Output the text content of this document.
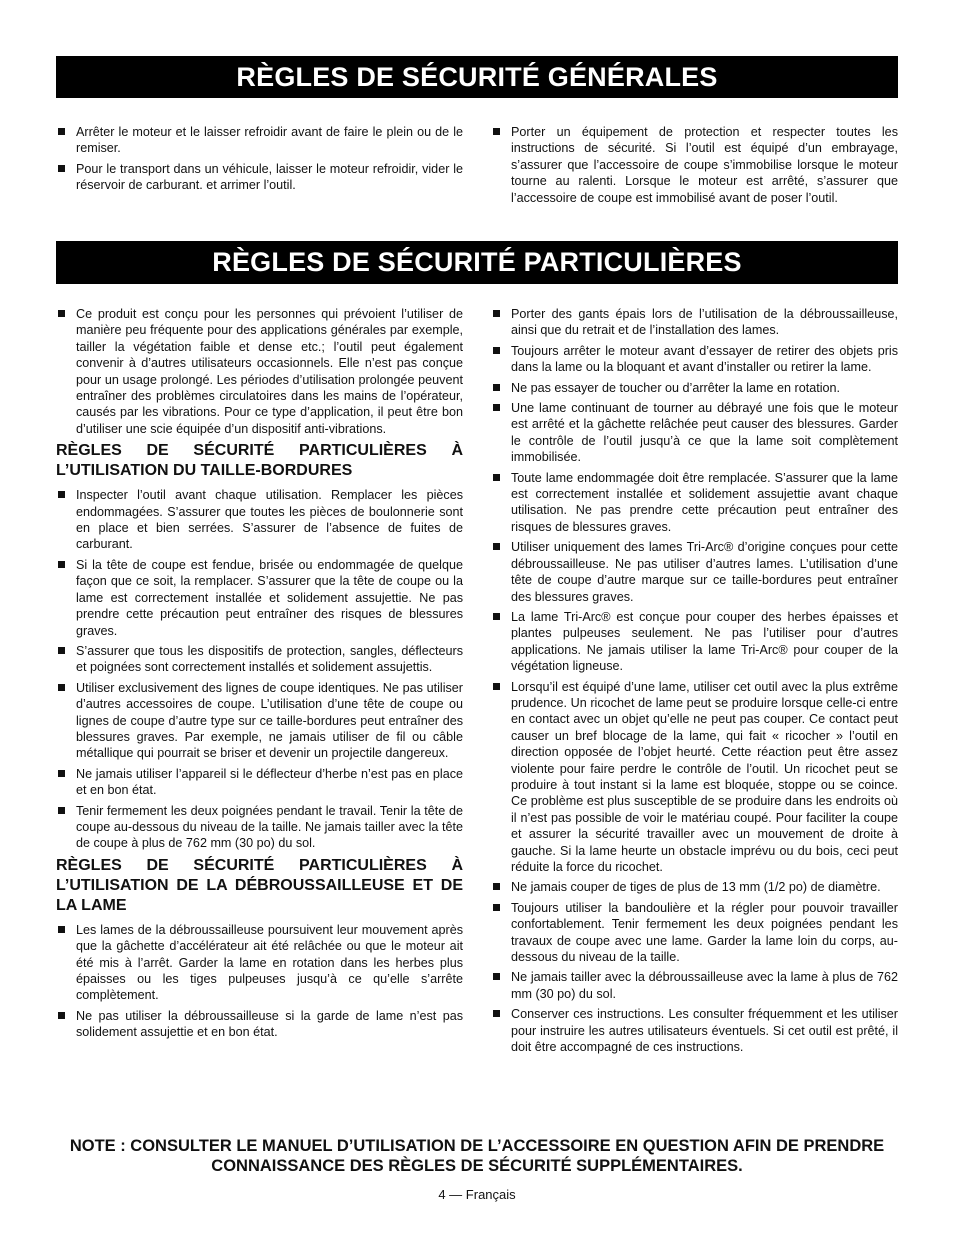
RÈGLES DE SÉCURITÉ GÉNÉRALES
Arrêter le moteur et le laisser refroidir avant de faire le plein ou de le remiser.
Pour le transport dans un véhicule, laisser le moteur refroidir, vider le réservoir de carburant. et arrimer l’outil.
Porter un équipement de protection et respecter toutes les instructions de sécurité. Si l’outil est équipé d’un embrayage, s’assurer que l’accessoire de coupe s’immobilise lorsque le moteur tourne au ralenti. Lorsque le moteur est arrêté, s’assurer que l’accessoire de coupe est immobilisé avant de poser l’outil.
RÈGLES DE SÉCURITÉ PARTICULIÈRES
Ce produit est conçu pour les personnes qui prévoient l’utiliser de manière peu fréquente pour des applications générales par exemple, tailler la végétation faible et dense etc.; l’outil peut également convenir à d’autres utilisateurs occasionnels. Elle n’est pas conçue pour un usage prolongé. Les périodes d’utilisation prolongée peuvent entraîner des problèmes circulatoires dans les mains de l’opérateur, causés par les vibrations. Pour ce type d’application, il peut être bon d’utiliser une scie équipée d’un dispositif anti-vibrations.
RÈGLES DE SÉCURITÉ PARTICULIÈRES À L’UTILISATION DU TAILLE-BORDURES
Inspecter l’outil avant chaque utilisation. Remplacer les pièces endommagées. S’assurer que toutes les pièces de boulonnerie sont en place et bien serrées. S’assurer de l’absence de fuites de carburant.
Si la tête de coupe est fendue, brisée ou endommagée de quelque façon que ce soit, la remplacer. S’assurer que la tête de coupe ou la lame est correctement installée et solidement assujettie. Ne pas prendre cette précaution peut entraîner des risques de blessures graves.
S’assurer que tous les dispositifs de protection, sangles, déflecteurs et poignées sont correctement installés et solidement assujettis.
Utiliser exclusivement des lignes de coupe identiques. Ne pas utiliser d’autres accessoires de coupe. L’utilisation d’une tête de coupe ou lignes de coupe d’autre type sur ce taille-bordures peut entraîner des blessures graves. Par exemple, ne jamais utiliser de fil ou câble métallique qui pourrait se briser et devenir un projectile dangereux.
Ne jamais utiliser l’appareil si le déflecteur d’herbe n’est pas en place et en bon état.
Tenir fermement les deux poignées pendant le travail. Tenir la tête de coupe au-dessous du niveau de la taille. Ne jamais tailler avec la tête de coupe à plus de 762 mm (30 po) du sol.
RÈGLES DE SÉCURITÉ PARTICULIÈRES À L’UTILISATION DE LA DÉBROUSSAILLEUSE ET DE LA LAME
Les lames de la débroussailleuse poursuivent leur mouvement après que la gâchette d’accélérateur ait été relâchée ou que le moteur ait été mis à l’arrêt. Garder la lame en rotation dans les herbes plus épaisses ou les tiges pulpeuses jusqu’à ce qu’elle s’arrête complètement.
Ne pas utiliser la débroussailleuse si la garde de lame n’est pas solidement assujettie et en bon état.
Porter des gants épais lors de l’utilisation de la débroussailleuse, ainsi que du retrait et de l’installation des lames.
Toujours arrêter le moteur avant d’essayer de retirer des objets pris dans la lame ou la bloquant et avant d’installer ou retirer la lame.
Ne pas essayer de toucher ou d’arrêter la lame en rotation.
Une lame continuant de tourner au débrayé une fois que le moteur est arrêté et la gâchette relâchée peut causer des blessures. Garder le contrôle de l’outil jusqu’à ce que la lame soit complètement immobilisée.
Toute lame endommagée doit être remplacée. S’assurer que la lame est correctement installée et solidement assujettie avant chaque utilisation. Ne pas prendre cette précaution peut entraîner des risques de blessures graves.
Utiliser uniquement des lames Tri-Arc® d’origine conçues pour cette débroussailleuse. Ne pas utiliser d’autres lames. L’utilisation d’une tête de coupe d’autre marque sur ce taille-bordures peut entraîner des blessures graves.
La lame Tri-Arc® est conçue pour couper des herbes épaisses et plantes pulpeuses seulement. Ne pas l’utiliser pour d’autres applications. Ne jamais utiliser la lame Tri-Arc® pour couper de la végétation ligneuse.
Lorsqu’il est équipé d’une lame, utiliser cet outil avec la plus extrême prudence. Un ricochet de lame peut se produire lorsque celle-ci entre en contact avec un objet qu’elle ne peut pas couper. Ce contact peut causer un bref blocage de la lame, qui fait « ricocher » l’outil en direction opposée de l’objet heurté. Cette réaction peut être assez violente pour faire perdre le contrôle de l’outil. Un ricochet peut se produire à tout instant si la lame est bloquée, stoppe ou se coince. Ce problème est plus susceptible de se produire dans les endroits où il n’est pas possible de voir le matériau coupé. Pour faciliter la coupe et assurer la sécurité travailler avec un mouvement de droite à gauche. Si la lame heurte un obstacle imprévu ou du bois, ceci peut réduite la force du ricochet.
Ne jamais couper de tiges de plus de 13 mm (1/2 po) de diamètre.
Toujours utiliser la bandoulière et la régler pour pouvoir travailler confortablement. Tenir fermement les deux poignées pendant les travaux de coupe avec une lame. Garder la lame loin du corps, au-dessous du niveau de la taille.
Ne jamais tailler avec la débroussailleuse avec la lame à plus de 762 mm (30 po) du sol.
Conserver ces instructions. Les consulter fréquemment et les utiliser pour instruire les autres utilisateurs éventuels. Si cet outil est prêté, il doit être accompagné de ces instructions.
NOTE : CONSULTER LE MANUEL D’UTILISATION DE L’ACCESSOIRE EN QUESTION AFIN DE PRENDRE CONNAISSANCE DES RÈGLES DE SÉCURITÉ SUPPLÉMENTAIRES.
4 — Français
